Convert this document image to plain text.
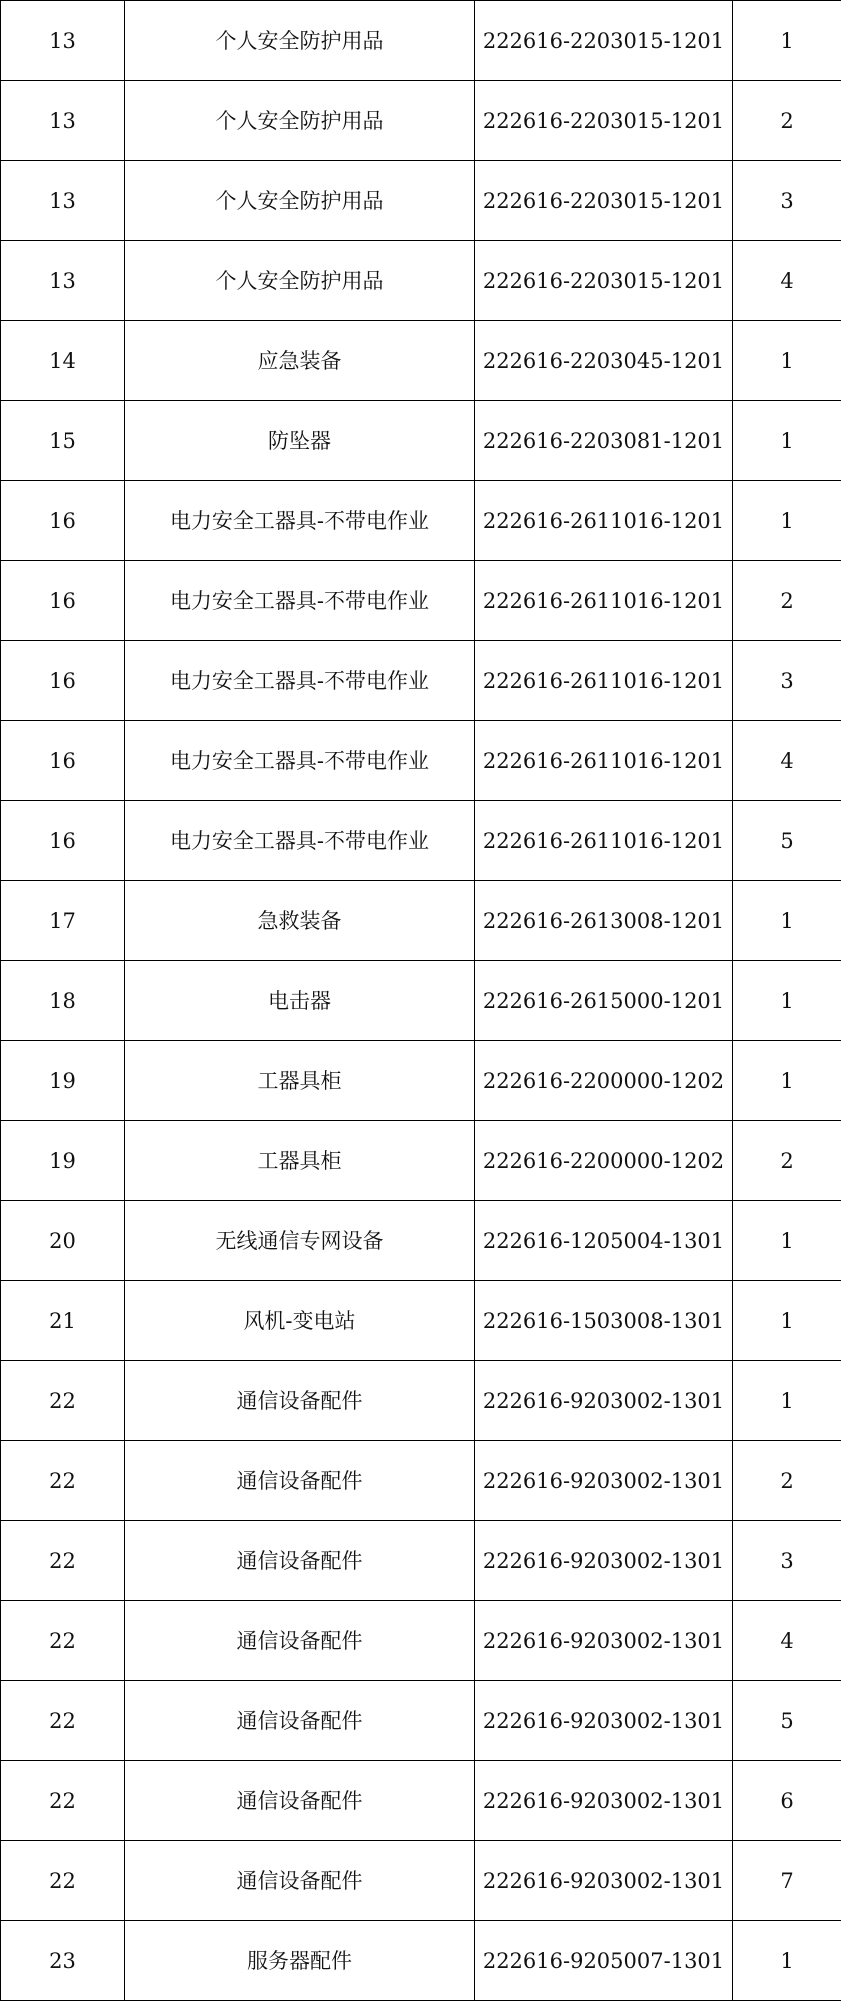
13	个人安全防护用品	222616-2203015-1201	1
13	个人安全防护用品	222616-2203015-1201	2
13	个人安全防护用品	222616-2203015-1201	3
13	个人安全防护用品	222616-2203015-1201	4
14	应急装备	222616-2203045-1201	1
15	防坠器	222616-2203081-1201	1
16	电力安全工器具-不带电作业	222616-2611016-1201	1
16	电力安全工器具-不带电作业	222616-2611016-1201	2
16	电力安全工器具-不带电作业	222616-2611016-1201	3
16	电力安全工器具-不带电作业	222616-2611016-1201	4
16	电力安全工器具-不带电作业	222616-2611016-1201	5
17	急救装备	222616-2613008-1201	1
18	电击器	222616-2615000-1201	1
19	工器具柜	222616-2200000-1202	1
19	工器具柜	222616-2200000-1202	2
20	无线通信专网设备	222616-1205004-1301	1
21	风机-变电站	222616-1503008-1301	1
22	通信设备配件	222616-9203002-1301	1
22	通信设备配件	222616-9203002-1301	2
22	通信设备配件	222616-9203002-1301	3
22	通信设备配件	222616-9203002-1301	4
22	通信设备配件	222616-9203002-1301	5
22	通信设备配件	222616-9203002-1301	6
22	通信设备配件	222616-9203002-1301	7
23	服务器配件	222616-9205007-1301	1
